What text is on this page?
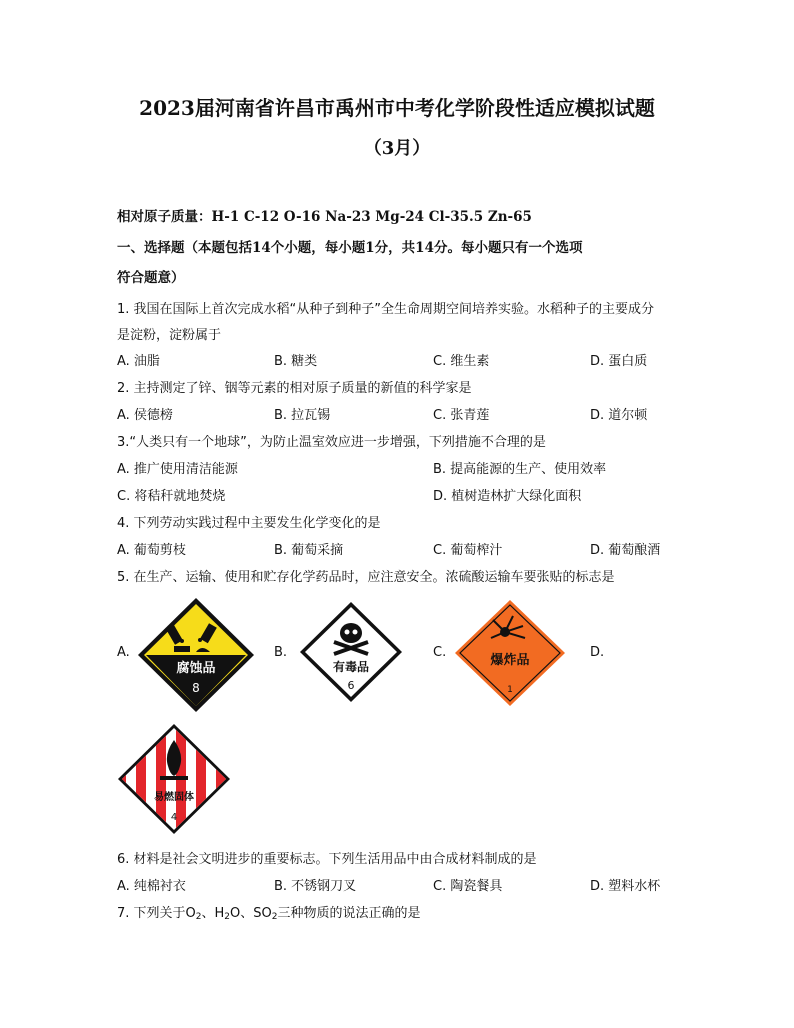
2023届河南省许昌市禹州市中考化学阶段性适应模拟试题
（3月）
相对原子质量：H-1 C-12 O-16 Na-23 Mg-24 Cl-35.5 Zn-65
一、选择题（本题包括14个小题，每小题1分，共14分。每小题只有一个选项
符合题意）
1. 我国在国际上首次完成水稻“从种子到种子”全生命周期空间培养实验。水稻种子的主要成分
是淀粉，淀粉属于
A. 油脂	B. 糖类	C. 维生素	D. 蛋白质
2. 主持测定了锌、铟等元素的相对原子质量的新值的科学家是
A. 侯德榜	B. 拉瓦锡	C. 张青莲	D. 道尔顿
3.“人类只有一个地球”，为防止温室效应进一步增强，下列措施不合理的是
A. 推广使用清洁能源	B. 提高能源的生产、使用效率
C. 将秸秆就地焚烧	D. 植树造林扩大绿化面积
4. 下列劳动实践过程中主要发生化学变化的是
A. 葡萄剪枝	B. 葡萄采摘	C. 葡萄榨汁	D. 葡萄酿酒
5. 在生产、运输、使用和贮存化学药品时，应注意安全。浓硫酸运输车要张贴的标志是
A.	B.	C.	D.
腐蚀品
8
有毒品
6
爆炸品
1
易燃固体
4
6. 材料是社会文明进步的重要标志。下列生活用品中由合成材料制成的是
A. 纯棉衬衣	B. 不锈钢刀叉	C. 陶瓷餐具	D. 塑料水杯
7. 下列关于$O_2$、$H_2O$、$SO_2$三种物质的说法正确的是
